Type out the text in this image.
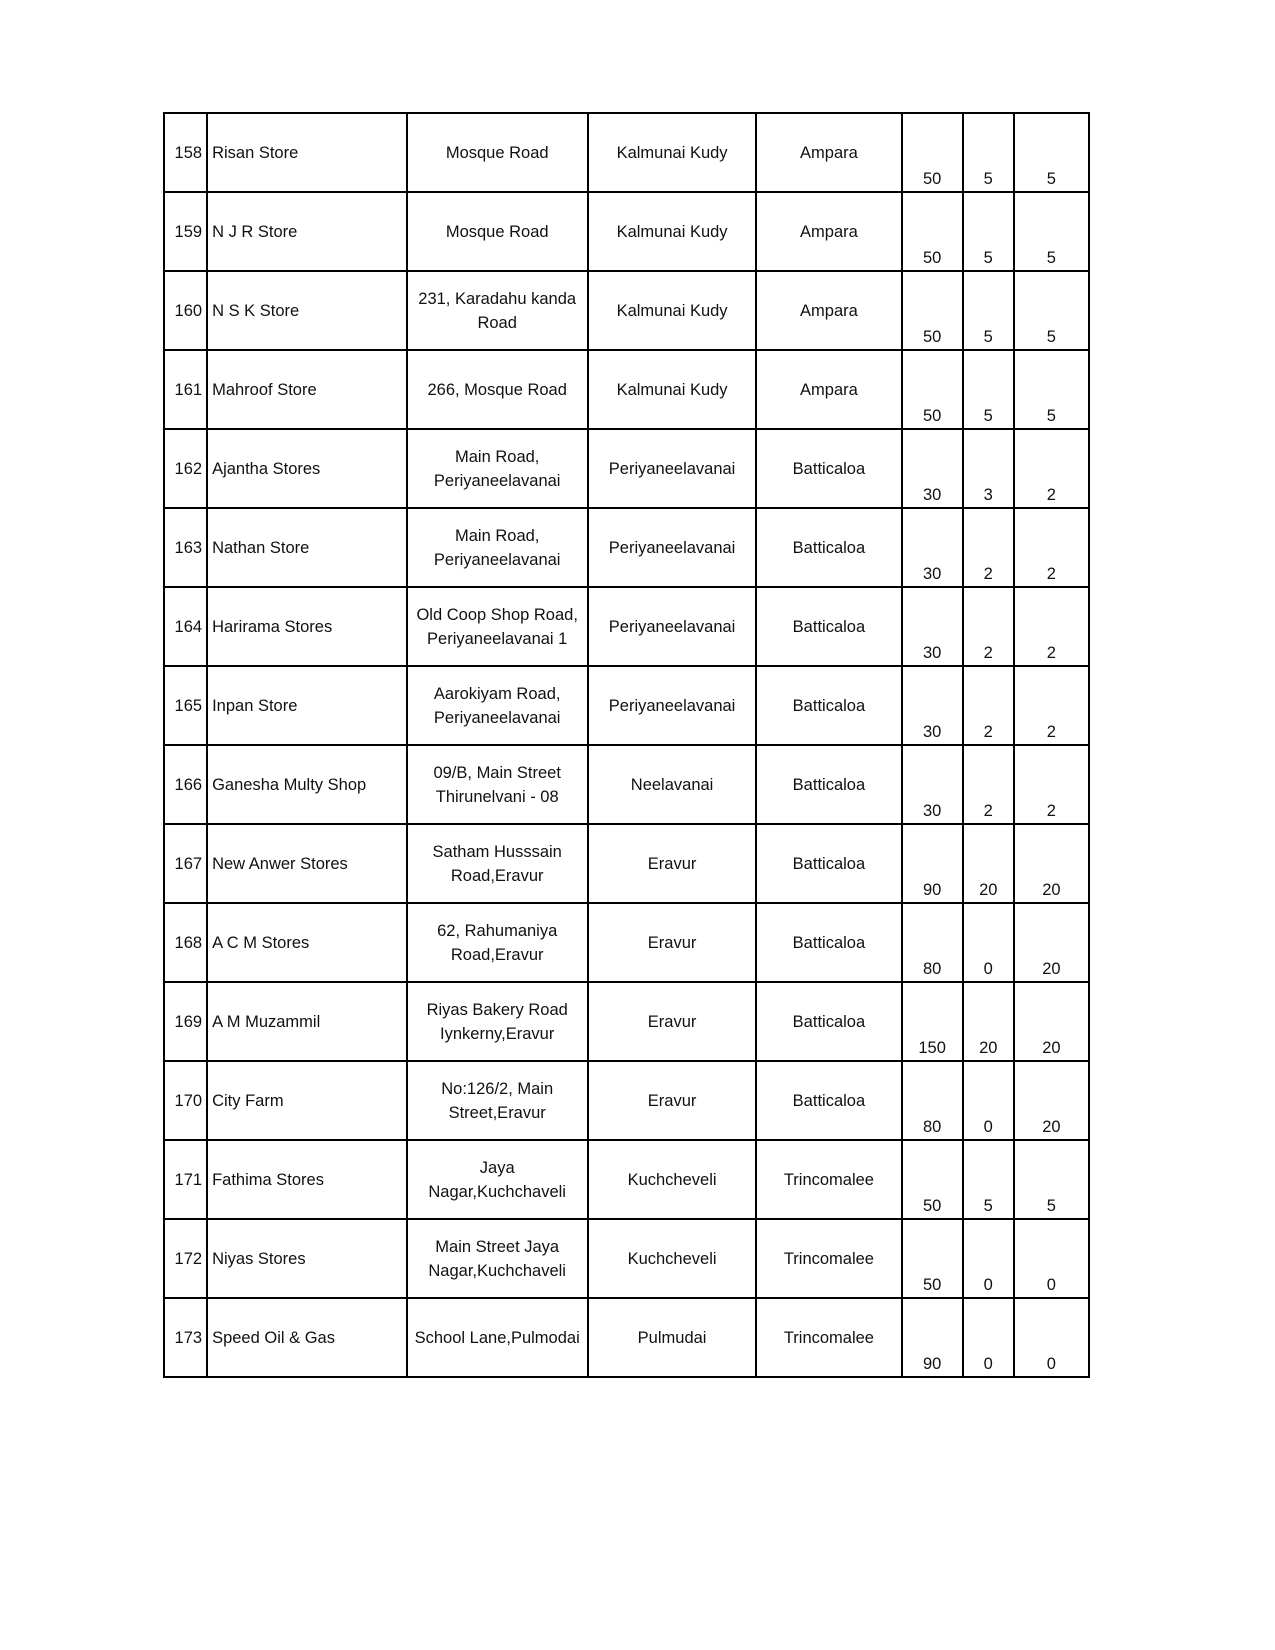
158	Risan Store	Mosque Road	Kalmunai Kudy	Ampara	50	5	5
159	N J R Store	Mosque Road	Kalmunai Kudy	Ampara	50	5	5
160	N S K Store	231, Karadahu kanda Road	Kalmunai Kudy	Ampara	50	5	5
161	Mahroof Store	266, Mosque Road	Kalmunai Kudy	Ampara	50	5	5
162	Ajantha Stores	Main Road, Periyaneelavanai	Periyaneelavanai	Batticaloa	30	3	2
163	Nathan Store	Main Road, Periyaneelavanai	Periyaneelavanai	Batticaloa	30	2	2
164	Harirama Stores	Old Coop Shop Road, Periyaneelavanai 1	Periyaneelavanai	Batticaloa	30	2	2
165	Inpan Store	Aarokiyam Road, Periyaneelavanai	Periyaneelavanai	Batticaloa	30	2	2
166	Ganesha Multy Shop	09/B, Main Street Thirunelvani - 08	Neelavanai	Batticaloa	30	2	2
167	New Anwer Stores	Satham Husssain Road,Eravur	Eravur	Batticaloa	90	20	20
168	A C M Stores	62, Rahumaniya Road,Eravur	Eravur	Batticaloa	80	0	20
169	A M Muzammil	Riyas Bakery Road Iynkerny,Eravur	Eravur	Batticaloa	150	20	20
170	City Farm	No:126/2, Main Street,Eravur	Eravur	Batticaloa	80	0	20
171	Fathima Stores	Jaya Nagar,Kuchchaveli	Kuchcheveli	Trincomalee	50	5	5
172	Niyas Stores	Main Street Jaya Nagar,Kuchchaveli	Kuchcheveli	Trincomalee	50	0	0
173	Speed Oil & Gas	School Lane,Pulmodai	Pulmudai	Trincomalee	90	0	0
